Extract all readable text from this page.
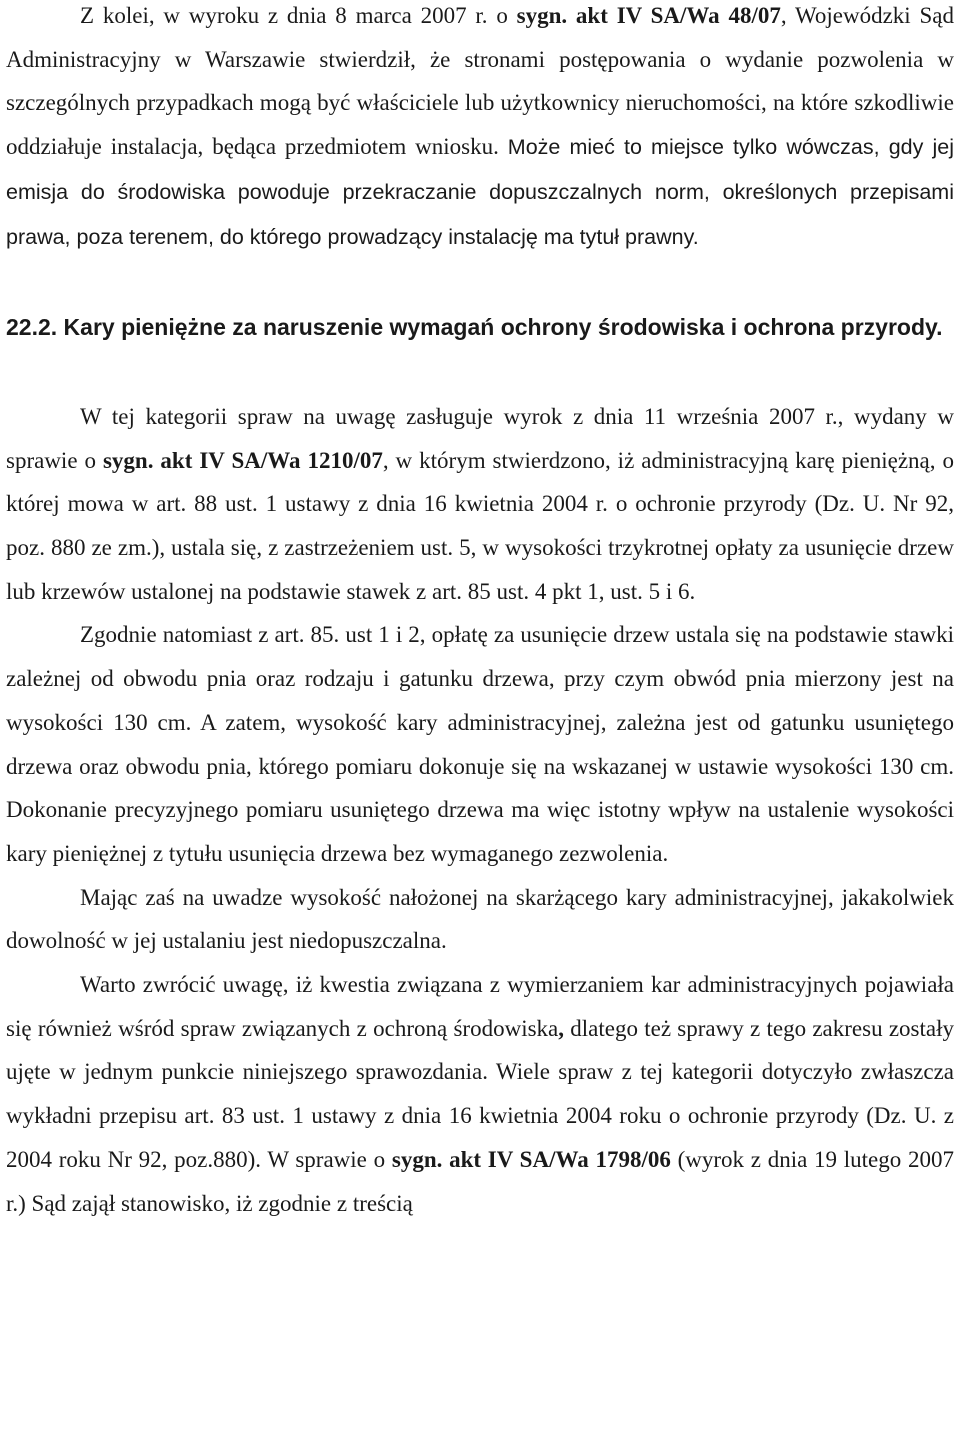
Z kolei, w wyroku z dnia 8 marca 2007 r. o sygn. akt IV SA/Wa 48/07, Wojewódzki Sąd Administracyjny w Warszawie stwierdził, że stronami postępowania o wydanie pozwolenia w szczególnych przypadkach mogą być właściciele lub użytkownicy nieruchomości, na które szkodliwie oddziałuje instalacja, będąca przedmiotem wniosku. Może mieć to miejsce tylko wówczas, gdy jej emisja do środowiska powoduje przekraczanie dopuszczalnych norm, określonych przepisami prawa, poza terenem, do którego prowadzący instalację ma tytuł prawny.

22.2. Kary pieniężne za naruszenie wymagań ochrony środowiska i ochrona przyrody.

W tej kategorii spraw na uwagę zasługuje wyrok z dnia 11 września 2007 r., wydany w sprawie o sygn. akt IV SA/Wa 1210/07, w którym stwierdzono, iż administracyjną karę pieniężną, o której mowa w art. 88 ust. 1 ustawy z dnia 16 kwietnia 2004 r. o ochronie przyrody (Dz. U. Nr 92, poz. 880 ze zm.), ustala się, z zastrzeżeniem ust. 5, w wysokości trzykrotnej opłaty za usunięcie drzew lub krzewów ustalonej na podstawie stawek z art. 85 ust. 4 pkt 1, ust. 5 i 6.

Zgodnie natomiast z art. 85. ust 1 i 2, opłatę za usunięcie drzew ustala się na podstawie stawki zależnej od obwodu pnia oraz rodzaju i gatunku drzewa, przy czym obwód pnia mierzony jest na wysokości 130 cm. A zatem, wysokość kary administracyjnej, zależna jest od gatunku usuniętego drzewa oraz obwodu pnia, którego pomiaru dokonuje się na wskazanej w ustawie wysokości 130 cm. Dokonanie precyzyjnego pomiaru usuniętego drzewa ma więc istotny wpływ na ustalenie wysokości kary pieniężnej z tytułu usunięcia drzewa bez wymaganego zezwolenia.

Mając zaś na uwadze wysokość nałożonej na skarżącego kary administracyjnej, jakakolwiek dowolność w jej ustalaniu jest niedopuszczalna.

Warto zwrócić uwagę, iż kwestia związana z wymierzaniem kar administracyjnych pojawiała się również wśród spraw związanych z ochroną środowiska, dlatego też sprawy z tego zakresu zostały ujęte w jednym punkcie niniejszego sprawozdania. Wiele spraw z tej kategorii dotyczyło zwłaszcza wykładni przepisu art. 83 ust. 1 ustawy z dnia 16 kwietnia 2004 roku o ochronie przyrody (Dz. U. z 2004 roku Nr 92, poz.880). W sprawie o sygn. akt IV SA/Wa 1798/06 (wyrok z dnia 19 lutego 2007 r.) Sąd zajął stanowisko, iż zgodnie z treścią
